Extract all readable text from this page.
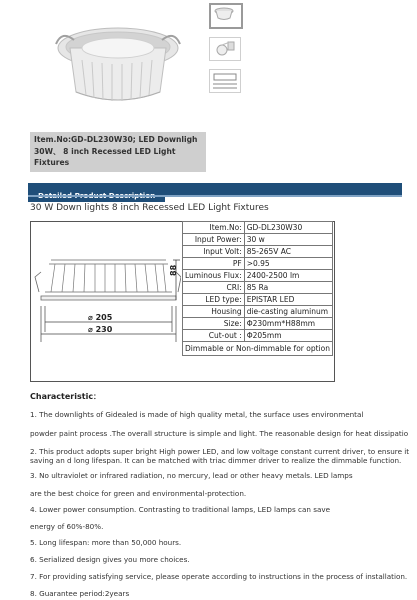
Item.No:GD-DL230W30; LED Downligh
30W、 8 inch Recessed LED Light
Fixtures
30 W Down lights 8 inch Recessed LED Light Fixtures
88
⌀ 205
⌀ 230
Item.No:	GD-DL230W30
Input Power:	30 w
Input Volt:	85-265V AC
PF	>0.95
Luminous Flux:	2400-2500 lm
CRI:	85 Ra
LED type:	EPISTAR LED
Housing	die-casting aluminum
Size:	Φ230mm*H88mm
Cut-out :	Φ205mm
Dimmable or Non-dimmable for option	
Characteristic：
1. The downlights of Gidealed is made of high quality metal, the surface uses environmental
powder paint process .The overall structure is simple and light. The reasonable design for heat dissipatio
2. This product adopts super bright High power LED, and low voltage constant current driver, to ensure it
saving an d long lifespan. It can be matched with triac dimmer driver to realize the dimmable function.
3. No ultraviolet or infrared radiation, no mercury, lead or other heavy metals. LED lamps
are the best choice for green and environmental-protection.
4. Lower power consumption. Contrasting to traditional lamps, LED lamps can save
energy of 60%-80%.
5. Long lifespan: more than 50,000 hours.
6. Serialized design gives you more choices.
7. For providing satisfying service, please operate according to instructions in the process of installation.
8. Guarantee period:2years
